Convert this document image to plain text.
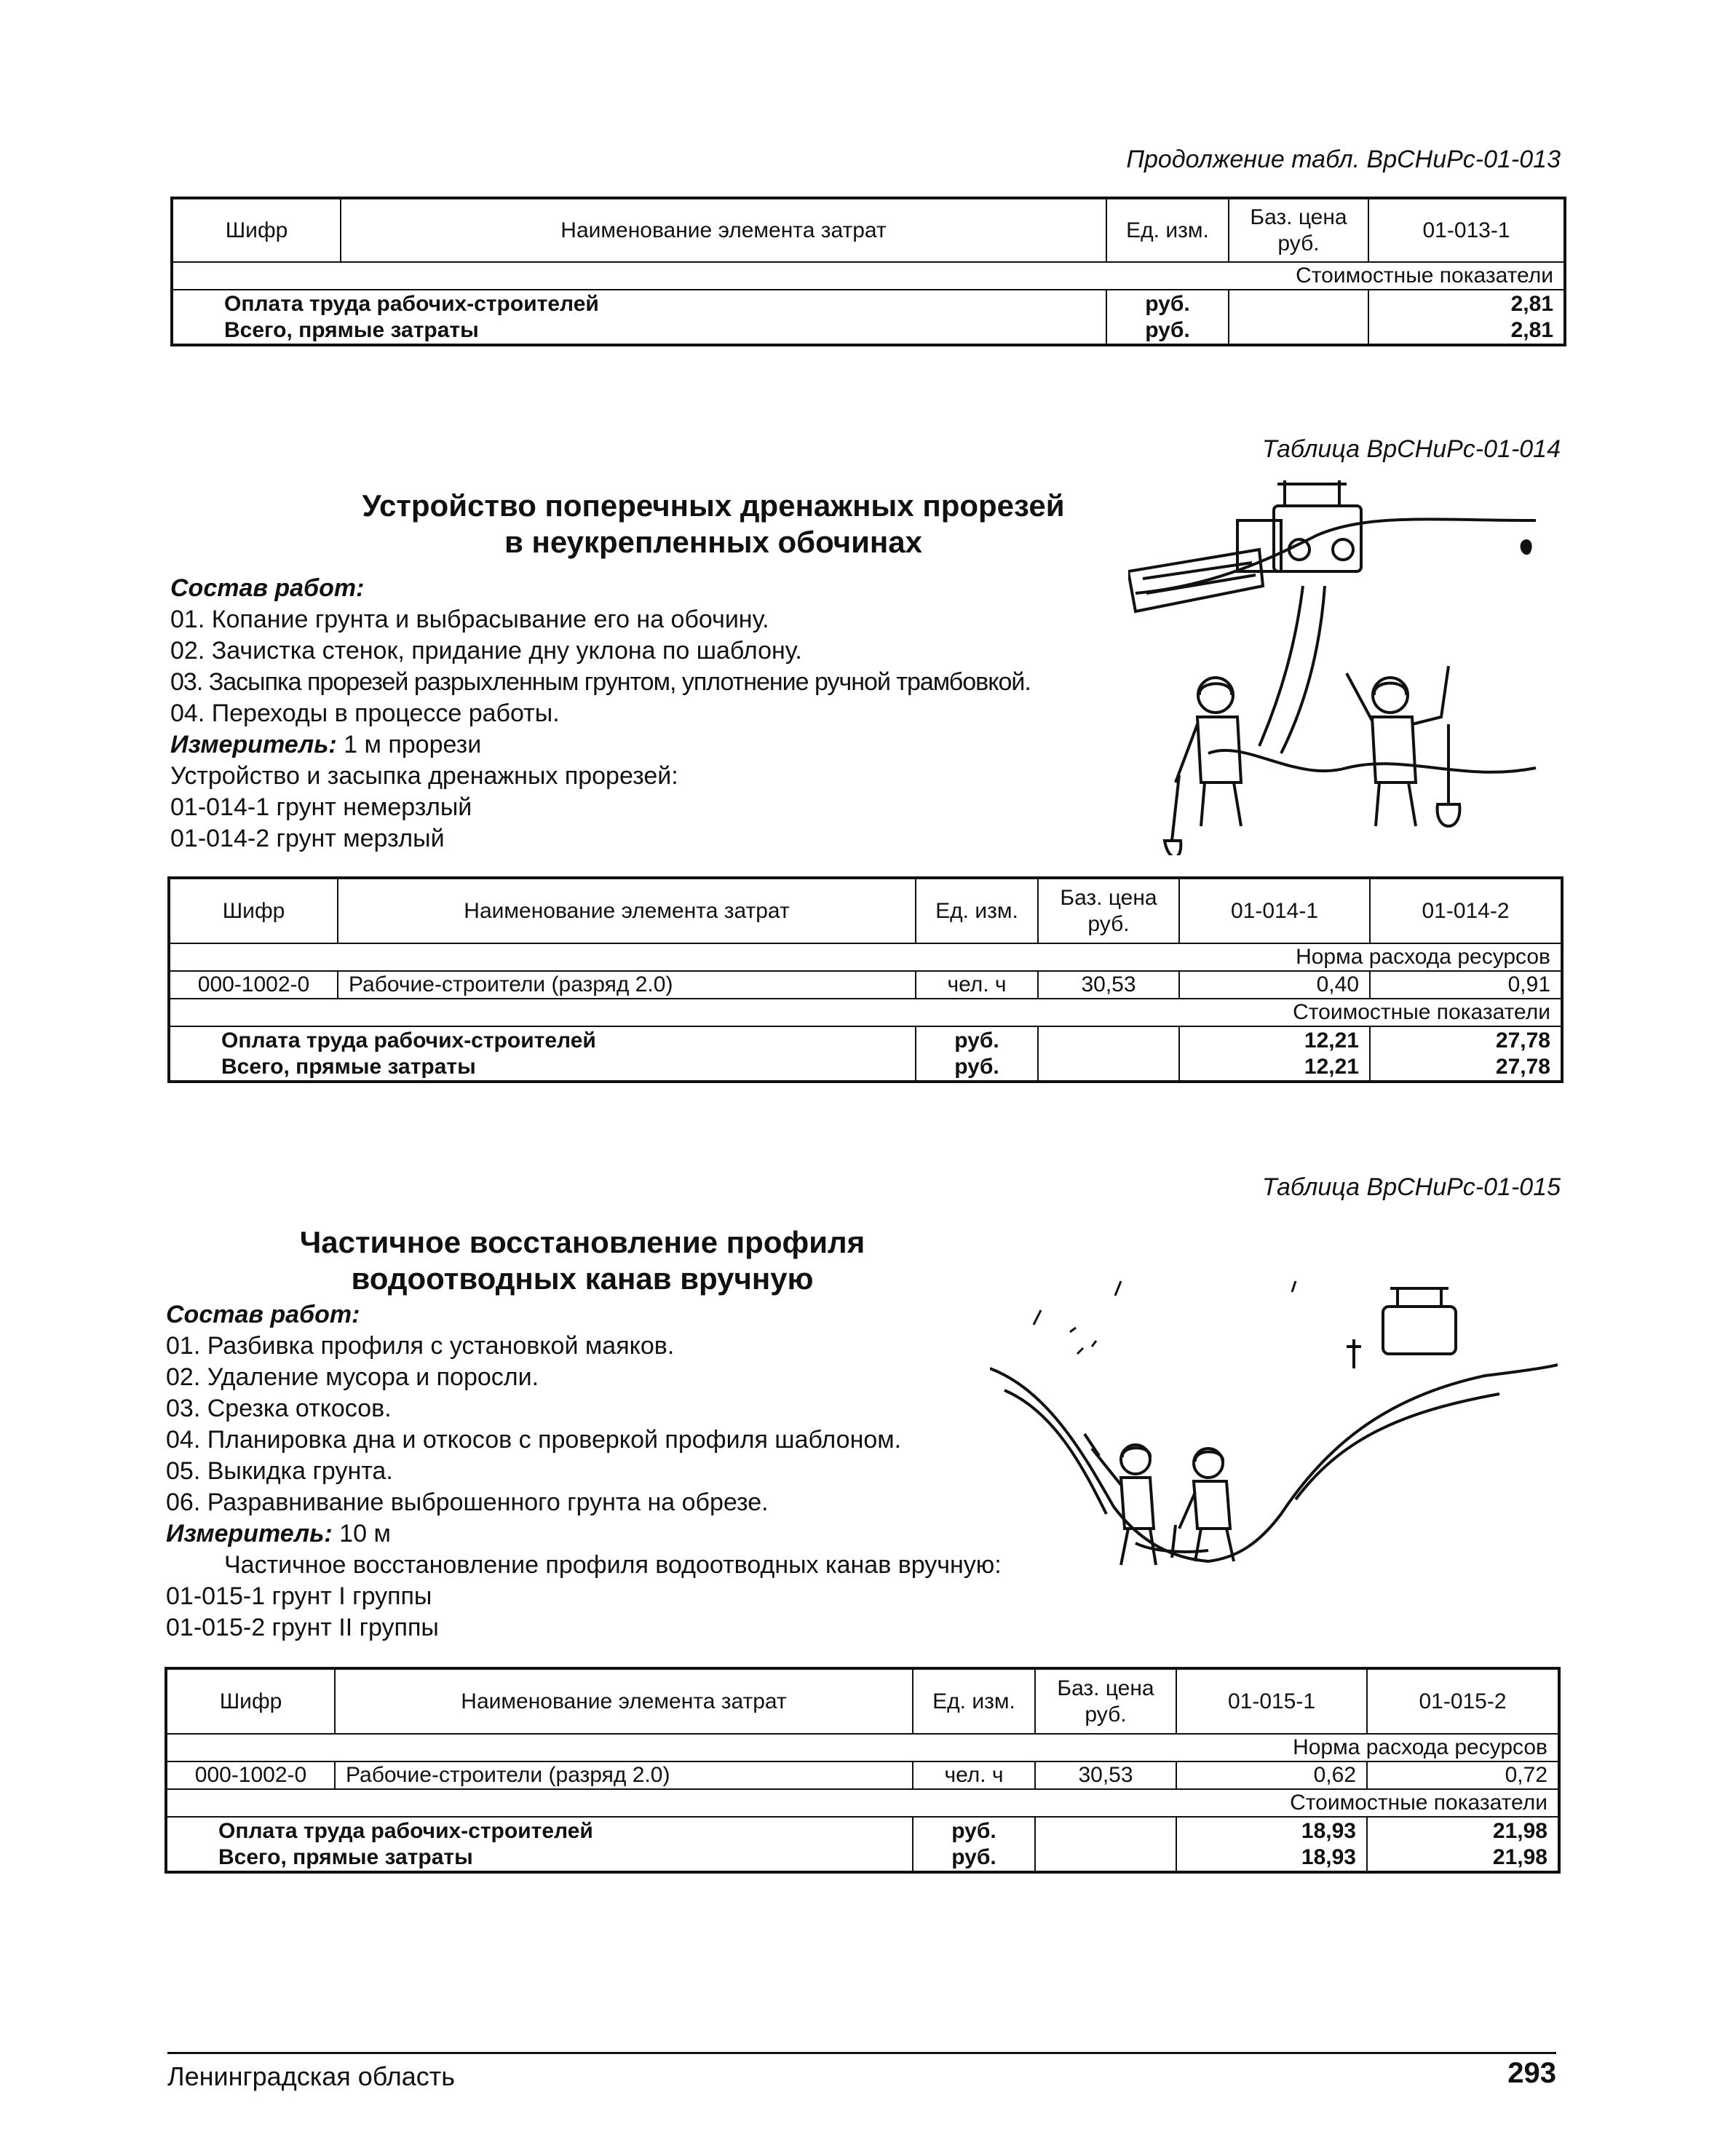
Продолжение табл. ВрСНиРс-01-013
Шифр	Наименование элемента затрат	Ед. изм.	Баз. цена руб.	01-013-1
Стоимостные показатели				
Оплата труда рабочих-строителей		руб.		2,81
Всего, прямые затраты		руб.		2,81
Таблица ВрСНиРс-01-014
Устройство поперечных дренажных прорезей
в неукрепленных обочинах
Состав работ:
01. Копание грунта и выбрасывание его на обочину.
02. Зачистка стенок, придание дну уклона по шаблону.
03. Засыпка прорезей разрыхленным грунтом, уплотнение ручной трамбовкой.
04. Переходы в процессе работы.
Измеритель: 1 м прорези
Устройство и засыпка дренажных прорезей:
01-014-1 грунт немерзлый
01-014-2 грунт мерзлый
Шифр	Наименование элемента затрат	Ед. изм.	Баз. цена руб.	01-014-1	01-014-2
Норма расхода ресурсов					
000-1002-0	Рабочие-строители (разряд 2.0)	чел. ч	30,53	0,40	0,91
Стоимостные показатели					
Оплата труда рабочих-строителей		руб.		12,21	27,78
Всего, прямые затраты		руб.		12,21	27,78
Таблица ВрСНиРс-01-015
Частичное восстановление профиля
водоотводных канав вручную
Состав работ:
01. Разбивка профиля с установкой маяков.
02. Удаление мусора и поросли.
03. Срезка откосов.
04. Планировка дна и откосов с проверкой профиля шаблоном.
05. Выкидка грунта.
06. Разравнивание выброшенного грунта на обрезе.
Измеритель: 10 м
Частичное восстановление профиля водоотводных канав вручную:
01-015-1 грунт I группы
01-015-2 грунт II группы
Шифр	Наименование элемента затрат	Ед. изм.	Баз. цена руб.	01-015-1	01-015-2
Норма расхода ресурсов					
000-1002-0	Рабочие-строители (разряд 2.0)	чел. ч	30,53	0,62	0,72
Стоимостные показатели					
Оплата труда рабочих-строителей		руб.		18,93	21,98
Всего, прямые затраты		руб.		18,93	21,98
Ленинградская область	293
